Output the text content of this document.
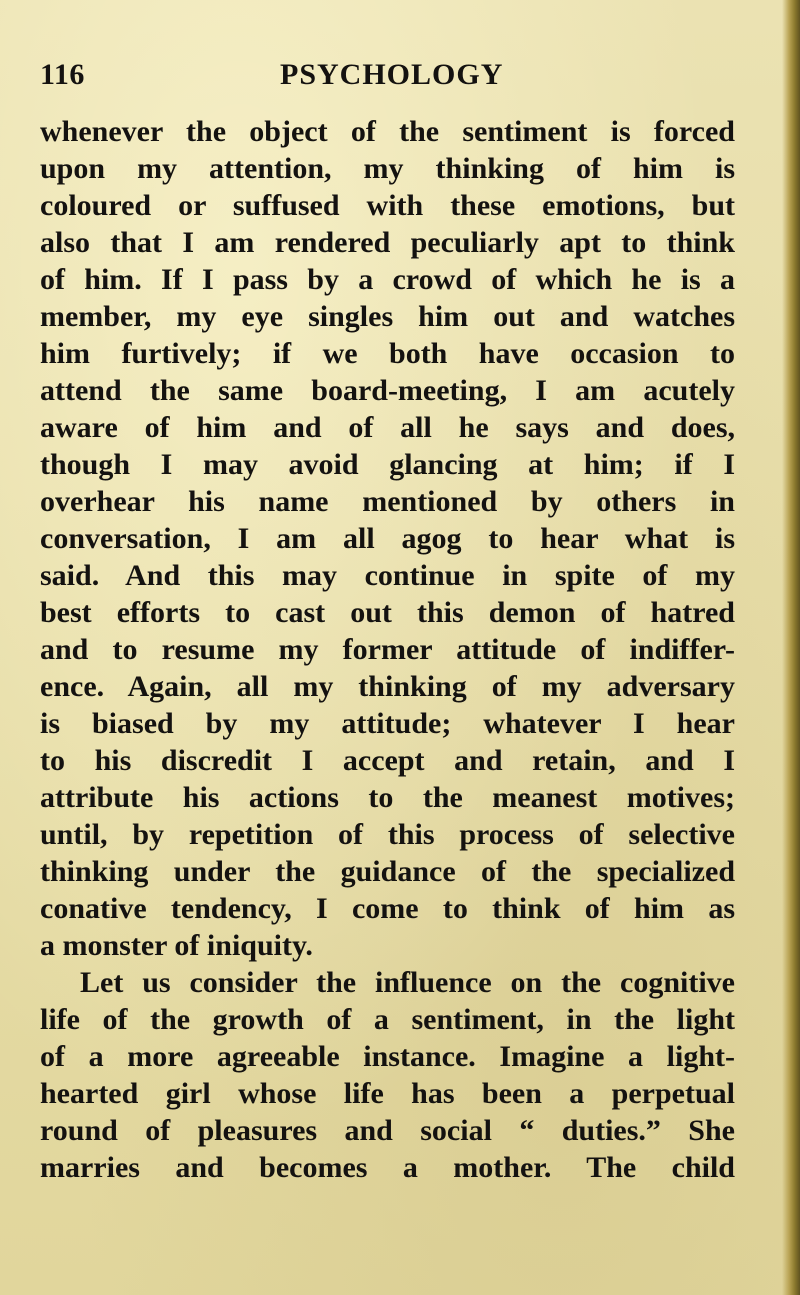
116	PSYCHOLOGY
whenever the object of the sentiment is forced
upon my attention, my thinking of him is
coloured or suffused with these emotions, but
also that I am rendered peculiarly apt to think
of him. If I pass by a crowd of which he is a
member, my eye singles him out and watches
him furtively; if we both have occasion to
attend the same board-meeting, I am acutely
aware of him and of all he says and does,
though I may avoid glancing at him; if I
overhear his name mentioned by others in
conversation, I am all agog to hear what is
said. And this may continue in spite of my
best efforts to cast out this demon of hatred
and to resume my former attitude of indiffer-
ence. Again, all my thinking of my adversary
is biased by my attitude; whatever I hear
to his discredit I accept and retain, and I
attribute his actions to the meanest motives;
until, by repetition of this process of selective
thinking under the guidance of the specialized
conative tendency, I come to think of him as
a monster of iniquity.
Let us consider the influence on the cognitive
life of the growth of a sentiment, in the light
of a more agreeable instance. Imagine a light-
hearted girl whose life has been a perpetual
round of pleasures and social “ duties.” She
marries and becomes a mother. The child
